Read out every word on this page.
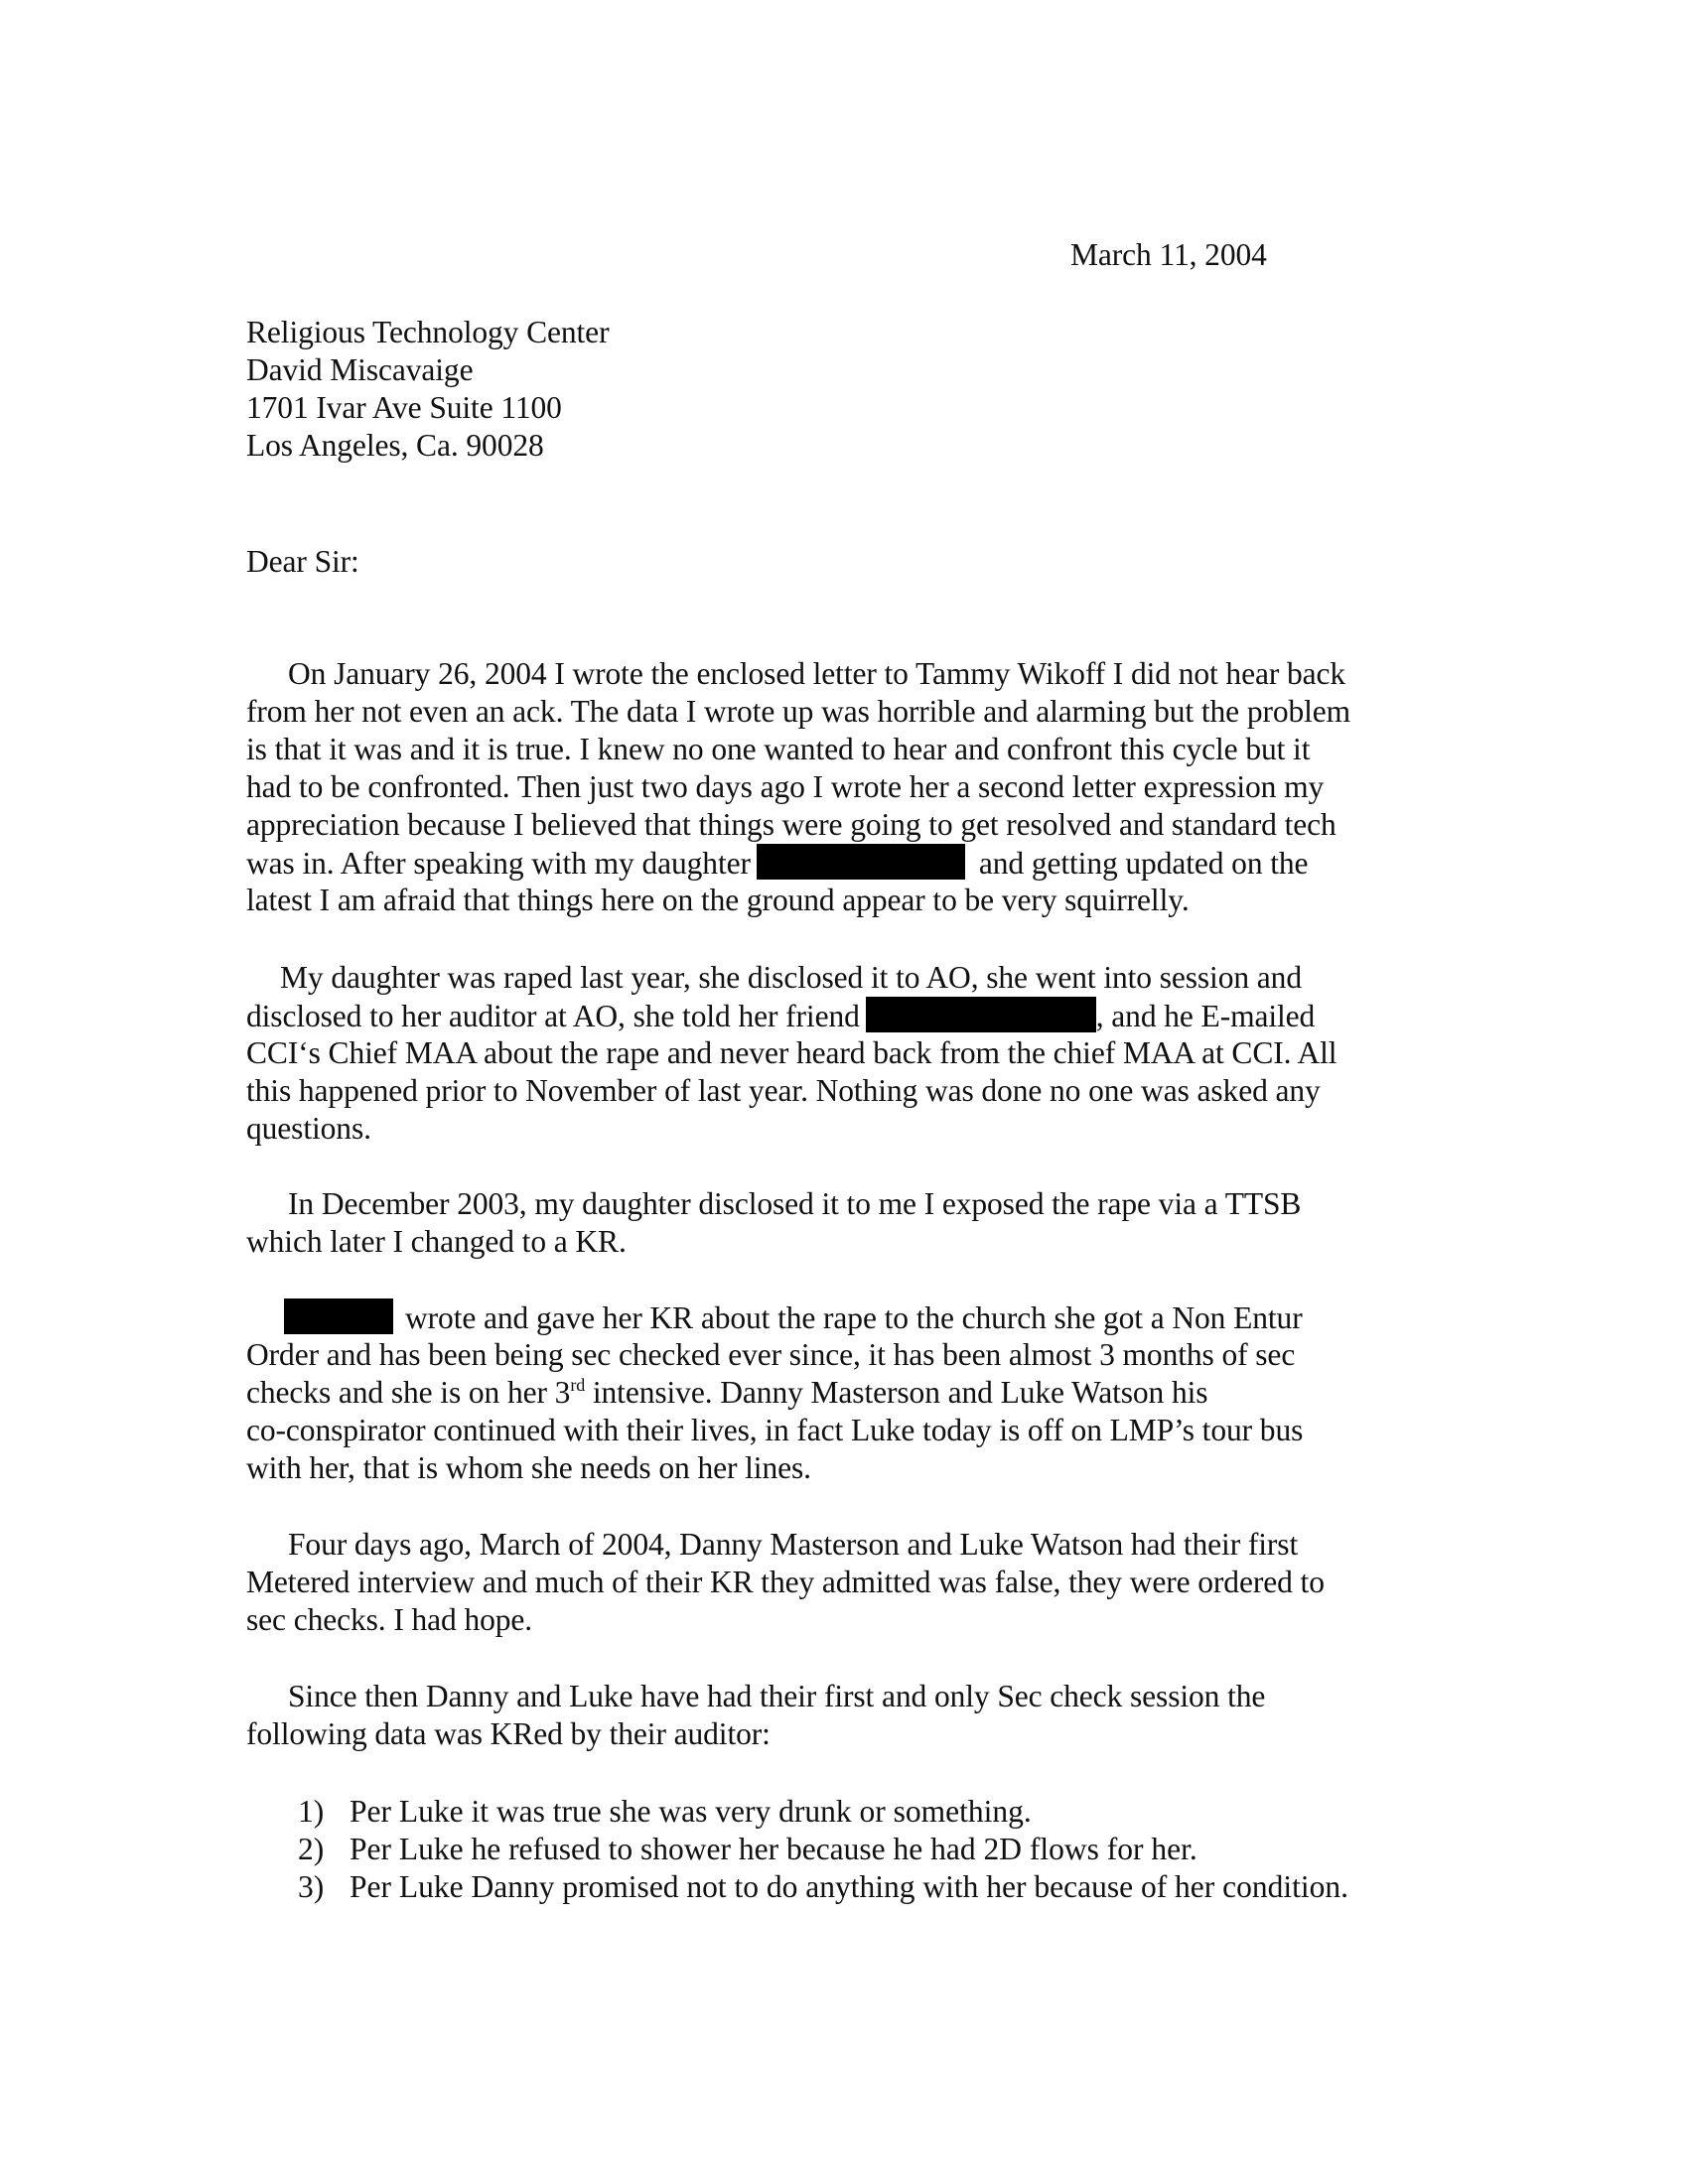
March 11, 2004
Religious Technology Center
David Miscavaige
1701 Ivar Ave Suite 1100
Los Angeles, Ca. 90028
Dear Sir:
On January 26, 2004 I wrote the enclosed letter to Tammy Wikoff I did not hear back
from her not even an ack. The data I wrote up was horrible and alarming but the problem
is that it was and it is true. I knew no one wanted to hear and confront this cycle but it
had to be confronted. Then just two days ago I wrote her a second letter expression my
appreciation because I believed that things were going to get resolved and standard tech
was in. After speaking with my daughter	and getting updated on the
latest I am afraid that things here on the ground appear to be very squirrelly.
My daughter was raped last year, she disclosed it to AO, she went into session and
disclosed to her auditor at AO, she told her friend	, and he E-mailed
CCI‘s Chief MAA about the rape and never heard back from the chief MAA at CCI. All
this happened prior to November of last year. Nothing was done no one was asked any
questions.
In December 2003, my daughter disclosed it to me I exposed the rape via a TTSB
which later I changed to a KR.
wrote and gave her KR about the rape to the church she got a Non Entur
Order and has been being sec checked ever since, it has been almost 3 months of sec
checks and she is on her 3rd intensive. Danny Masterson and Luke Watson his
co-conspirator continued with their lives, in fact Luke today is off on LMP’s tour bus
with her, that is whom she needs on her lines.
Four days ago, March of 2004, Danny Masterson and Luke Watson had their first
Metered interview and much of their KR they admitted was false, they were ordered to
sec checks. I had hope.
Since then Danny and Luke have had their first and only Sec check session the
following data was KRed by their auditor:
1) Per Luke it was true she was very drunk or something.
2) Per Luke he refused to shower her because he had 2D flows for her.
3) Per Luke Danny promised not to do anything with her because of her condition.
